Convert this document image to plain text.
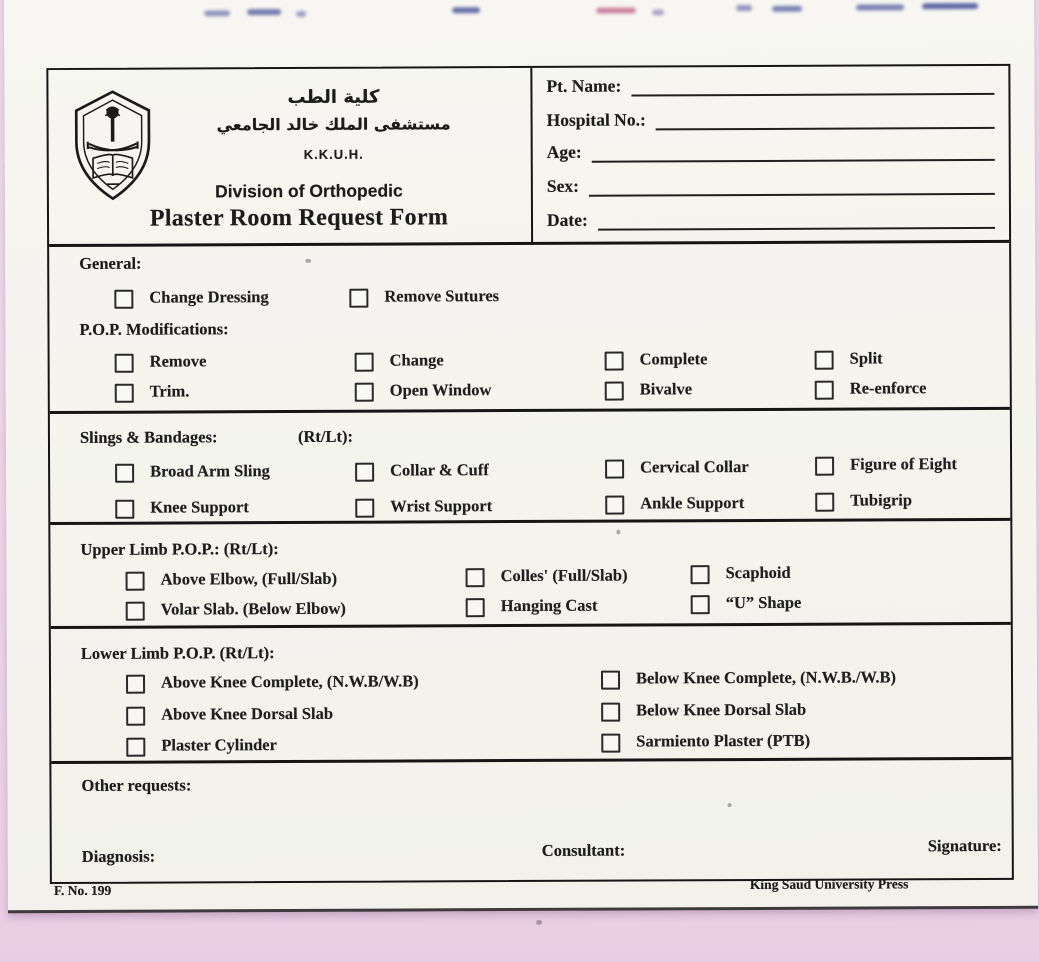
كلية الطب
مستشفى الملك خالد الجامعي
K.K.U.H.
Division of Orthopedic
Plaster Room Request Form
Pt. Name:
Hospital No.:
Age:
Sex:
Date:
General:
Change Dressing	Remove Sutures
P.O.P. Modifications:
Remove	Change	Complete	Split
Trim.	Open Window	Bivalve	Re-enforce
Slings & Bandages:	(Rt/Lt):
Broad Arm Sling	Collar & Cuff	Cervical Collar	Figure of Eight
Knee Support	Wrist Support	Ankle Support	Tubigrip
Upper Limb P.O.P.: (Rt/Lt):
Above Elbow, (Full/Slab)	Colles' (Full/Slab)	Scaphoid
Volar Slab. (Below Elbow)	Hanging Cast	“U” Shape
Lower Limb P.O.P. (Rt/Lt):
Above Knee Complete, (N.W.B/W.B)	Below Knee Complete, (N.W.B./W.B)
Above Knee Dorsal Slab	Below Knee Dorsal Slab
Plaster Cylinder	Sarmiento Plaster (PTB)
Other requests:
Diagnosis:	Consultant:	Signature:
F. No. 199	King Saud University Press
